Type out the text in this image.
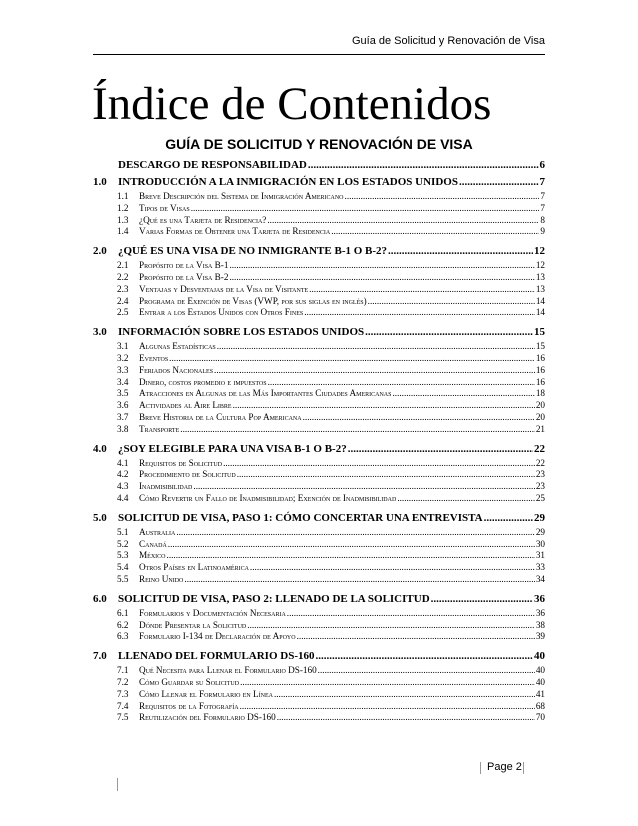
Guía de Solicitud y Renovación de Visa
Índice de Contenidos
GUÍA DE SOLICITUD Y RENOVACIÓN DE VISA
DESCARGO DE RESPONSABILIDAD .....	6
1.0	INTRODUCCIÓN A LA INMIGRACIÓN EN LOS ESTADOS UNIDOS .....	7
1.1	Breve Descripción del Sistema de Inmigración Americano .....	7
1.2	Tipos de Visas .....	7
1.3	¿Qué es una Tarjeta de Residencia? .....	8
1.4	Varias Formas de Obtener una Tarjeta de Residencia .....	9
2.0	¿QUÉ ES UNA VISA DE NO INMIGRANTE B-1 O B-2? .....	12
2.1	Propósito de la Visa B-1 .....	12
2.2	Propósito de la Visa B-2 .....	13
2.3	Ventajas y Desventajas de la Visa de Visitante .....	13
2.4	Programa de Exención de Visas (VWP, por sus siglas en inglés) .....	14
2.5	Entrar a los Estados Unidos con Otros Fines .....	14
3.0	INFORMACIÓN SOBRE LOS ESTADOS UNIDOS .....	15
3.1	Algunas Estadísticas .....	15
3.2	Eventos .....	16
3.3	Feriados Nacionales .....	16
3.4	Dinero, costos promedio e impuestos .....	16
3.5	Atracciones en Algunas de las Más Importantes Ciudades Americanas .....	18
3.6	Actividades al Aire Libre .....	20
3.7	Breve Historia de la Cultura Pop Americana .....	20
3.8	Transporte .....	21
4.0	¿SOY ELEGIBLE PARA UNA VISA B-1 O B-2? .....	22
4.1	Requisitos de Solicitud .....	22
4.2	Procedimiento de Solicitud .....	23
4.3	Inadmisibilidad .....	23
4.4	Cómo Revertir un Fallo de Inadmisibilidad; Exención de Inadmisibilidad .....	25
5.0	SOLICITUD DE VISA, PASO 1: CÓMO CONCERTAR UNA ENTREVISTA .....	29
5.1	Australia .....	29
5.2	Canadá .....	30
5.3	México .....	31
5.4	Otros Países en Latinoamérica .....	33
5.5	Reino Unido .....	34
6.0	SOLICITUD DE VISA, PASO 2: LLENADO DE LA SOLICITUD .....	36
6.1	Formularios y Documentación Necesaria .....	36
6.2	Dónde Presentar la Solicitud .....	38
6.3	Formulario I-134 de Declaración de Apoyo .....	39
7.0	LLENADO DEL FORMULARIO DS-160 .....	40
7.1	Qué Necesita para Llenar el Formulario DS-160 .....	40
7.2	Cómo Guardar su Solicitud .....	40
7.3	Cómo Llenar el Formulario en Línea .....	41
7.4	Requisitos de la Fotografía .....	68
7.5	Reutilización del Formulario DS-160 .....	70
Page 2
